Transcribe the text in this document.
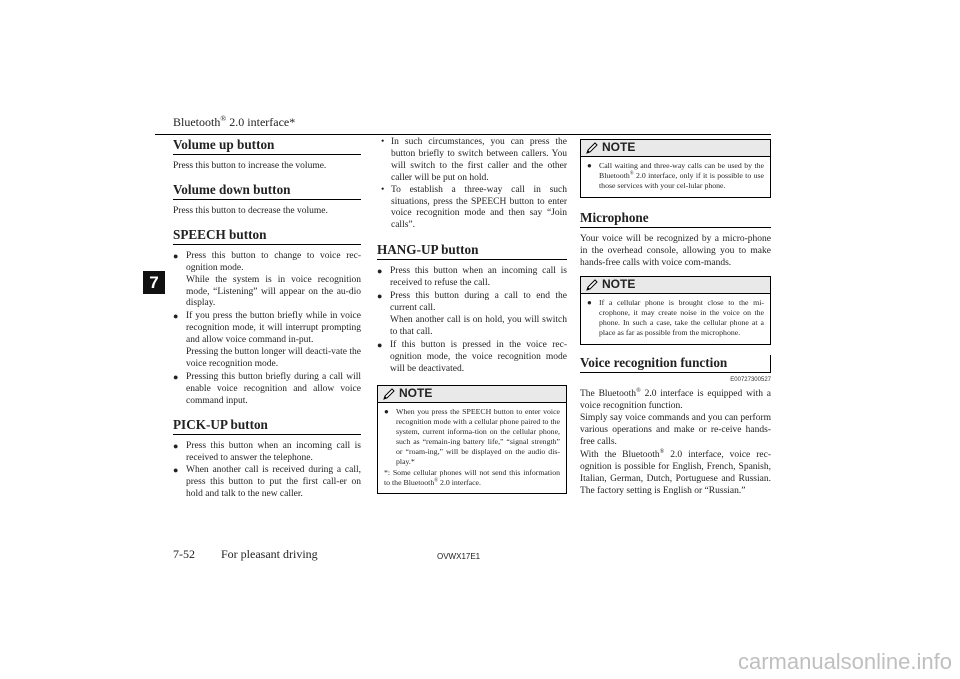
Bluetooth® 2.0 interface*
7
Volume up button

Press this button to increase the volume.

Volume down button

Press this button to decrease the volume.

SPEECH button
● Press this button to change to voice rec-ognition mode.
While the system is in voice recognition mode, “Listening” will appear on the au-dio display.
● If you press the button briefly while in voice recognition mode, it will interrupt prompting and allow voice command in-put.
Pressing the button longer will deacti-vate the voice recognition mode.
● Pressing this button briefly during a call will enable voice recognition and allow voice command input.
PICK-UP button
● Press this button when an incoming call is received to answer the telephone.
● When another call is received during a call, press this button to put the first call-er on hold and talk to the new caller.
• In such circumstances, you can press the button briefly to switch between callers. You will switch to the first caller and the other caller will be put on hold.
• To establish a three-way call in such situations, press the SPEECH button to enter voice recognition mode and then say “Join calls”.
HANG-UP button
● Press this button when an incoming call is received to refuse the call.
● Press this button during a call to end the current call.
When another call is on hold, you will switch to that call.
● If this button is pressed in the voice rec-ognition mode, the voice recognition mode will be deactivated.
NOTE
● When you press the SPEECH button to enter voice recognition mode with a cellular phone paired to the system, current informa-tion on the cellular phone, such as “remain-ing battery life,” “signal strength” or “roam-ing,” will be displayed on the audio dis-play.*

*: Some cellular phones will not send this information to the Bluetooth® 2.0 interface.

NOTE
● Call waiting and three-way calls can be used by the Bluetooth® 2.0 interface, only if it is possible to use those services with your cel-lular phone.
Microphone

Your voice will be recognized by a micro-phone in the overhead console, allowing you to make hands-free calls with voice com-mands.

NOTE
● If a cellular phone is brought close to the mi-crophone, it may create noise in the voice on the phone. In such a case, take the cellular phone at a place as far as possible from the microphone.
Voice recognition function
E00727300527

The Bluetooth® 2.0 interface is equipped with a voice recognition function.

Simply say voice commands and you can perform various operations and make or re-ceive hands-free calls.

With the Bluetooth® 2.0 interface, voice rec-ognition is possible for English, French, Spanish, Italian, German, Dutch, Portuguese and Russian. The factory setting is English or “Russian.”

7-52 For pleasant driving	OVWX17E1
carmanualsonline.info
